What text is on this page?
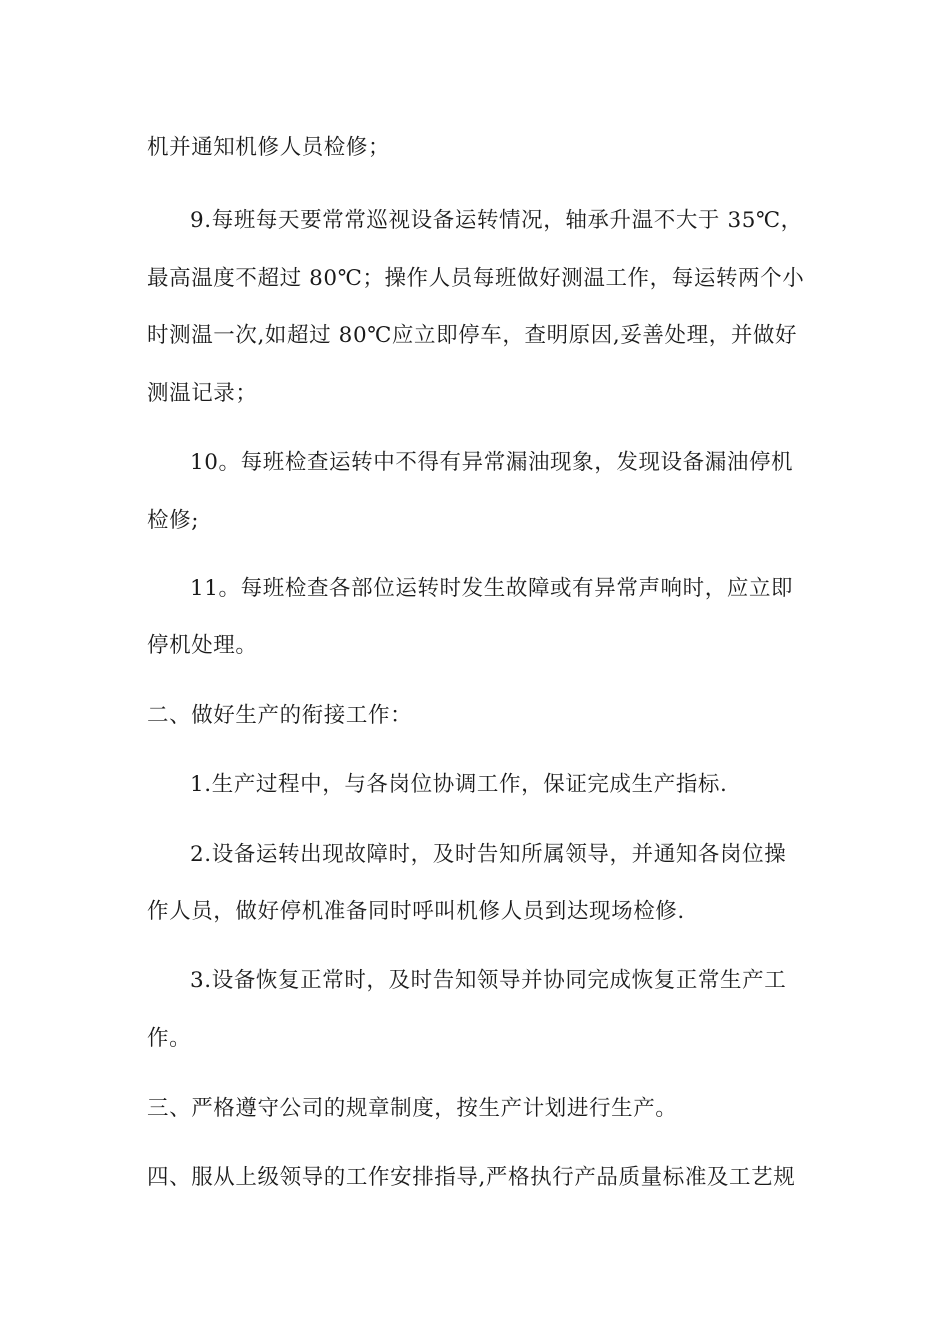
机并通知机修人员检修；
9.每班每天要常常巡视设备运转情况，轴承升温不大于 35℃，
最高温度不超过 80℃；操作人员每班做好测温工作，每运转两个小
时测温一次,如超过 80℃应立即停车，查明原因,妥善处理，并做好
测温记录；
10。每班检查运转中不得有异常漏油现象，发现设备漏油停机
检修;
11。每班检查各部位运转时发生故障或有异常声响时，应立即
停机处理。
二、做好生产的衔接工作：
1.生产过程中，与各岗位协调工作，保证完成生产指标.
2.设备运转出现故障时，及时告知所属领导，并通知各岗位操
作人员，做好停机准备同时呼叫机修人员到达现场检修.
3.设备恢复正常时，及时告知领导并协同完成恢复正常生产工
作。
三、严格遵守公司的规章制度，按生产计划进行生产。
四、服从上级领导的工作安排指导,严格执行产品质量标准及工艺规
